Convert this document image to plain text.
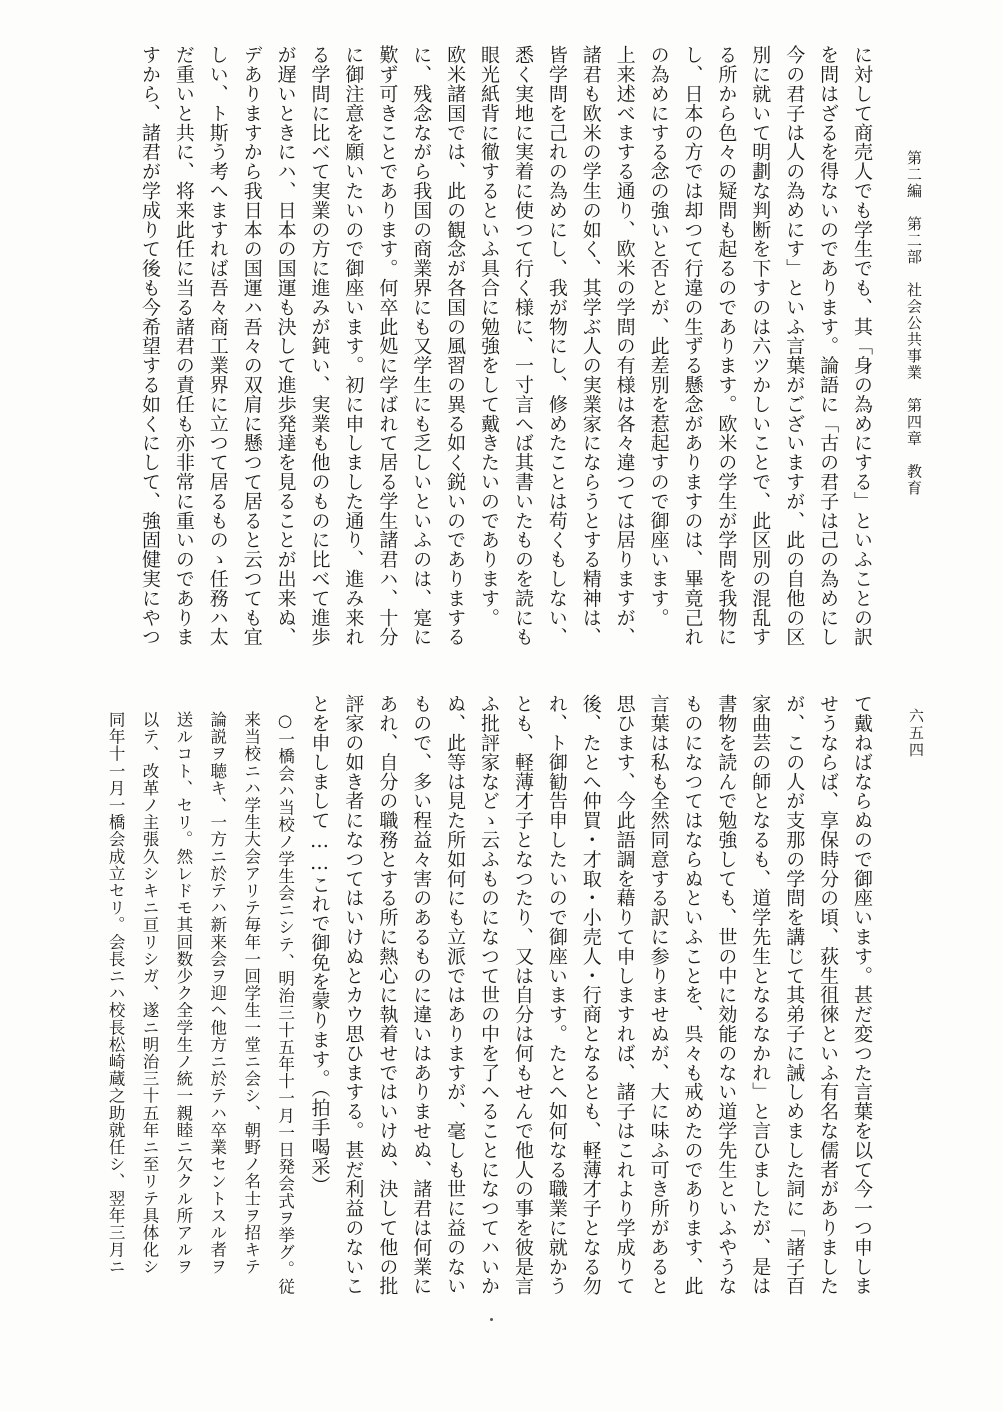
第二編　第二部　社会公共事業　第四章　教育
六五四
に対して商売人でも学生でも、其「身の為めにする」といふことの訳
を問はざるを得ないのであります。論語に「古の君子は己の為めにし
今の君子は人の為めにす」といふ言葉がございますが、此の自他の区
別に就いて明劃な判断を下すのは六ツかしいことで、此区別の混乱す
る所から色々の疑問も起るのであります。欧米の学生が学問を我物に
し、日本の方では却つて行違の生ずる懸念がありますのは、畢竟己れ
の為めにする念の強いと否とが、此差別を惹起すので御座います。
上来述べまする通り、欧米の学問の有様は各々違つては居りますが、
諸君も欧米の学生の如く、其学ぶ人の実業家にならうとする精神は、
皆学問を己れの為めにし、我が物にし、修めたことは苟くもしない、
悉く実地に実着に使つて行く様に、一寸言へば其書いたものを読にも
眼光紙背に徹するといふ具合に勉強をして戴きたいのであります。
欧米諸国では、此の観念が各国の風習の異る如く鋭いのでありまする
に、残念ながら我国の商業界にも又学生にも乏しいといふのは、寔に
歎ず可きことであります。何卒此処に学ばれて居る学生諸君ハ、十分
に御注意を願いたいので御座います。初に申しました通り、進み来れ
る学問に比べて実業の方に進みが鈍い、実業も他のものに比べて進歩
が遅いときにハ、日本の国運も決して進歩発達を見ることが出来ぬ、
デありますから我日本の国運ハ吾々の双肩に懸つて居ると云つても宜
しい、ト斯う考へますれば吾々商工業界に立つて居るものゝ任務ハ太
だ重いと共に、将来此任に当る諸君の責任も亦非常に重いのでありま
すから、諸君が学成りて後も今希望する如くにして、強固健実にやつ
て戴ねばならぬので御座います。甚だ変つた言葉を以て今一つ申しま
せうならば、享保時分の頃、荻生徂徠といふ有名な儒者がありました
が、この人が支那の学問を講じて其弟子に誡しめました詞に「諸子百
家曲芸の師となるも、道学先生となるなかれ」と言ひましたが、是は
書物を読んで勉強しても、世の中に効能のない道学先生といふやうな
ものになつてはならぬといふことを、呉々も戒めたのであります、此
言葉は私も全然同意する訳に参りませぬが、大に味ふ可き所があると
思ひます、今此語調を藉りて申しますれば、諸子はこれより学成りて
後、たとへ仲買・才取・小売人・行商となるとも、軽薄才子となる勿
れ、ト御勧告申したいので御座います。たとへ如何なる職業に就かう
とも、軽薄才子となつたり、又は自分は何もせんで他人の事を彼是言
ふ批評家などゝ云ふものになつて世の中を了へることになつてハいか
ぬ、此等は見た所如何にも立派ではありますが、毫しも世に益のない
もので、多い程益々害のあるものに違いはありませぬ、諸君は何業に
あれ、自分の職務とする所に熱心に執着せではいけぬ、決して他の批
評家の如き者になつてはいけぬとカウ思ひまする。甚だ利益のないこ
とを申しまして……これで御免を蒙ります。（拍手喝采）
○一橋会ハ当校ノ学生会ニシテ、明治三十五年十一月一日発会式ヲ挙グ。従
来当校ニハ学生大会アリテ毎年一回学生一堂ニ会シ、朝野ノ名士ヲ招キテ
論説ヲ聴キ、一方ニ於テハ新来会ヲ迎ヘ他方ニ於テハ卒業セントスル者ヲ
送ルコト、セリ。然レドモ其回数少ク全学生ノ統一親睦ニ欠クル所アルヲ
以テ、改革ノ主張久シキニ亘リシガ、遂ニ明治三十五年ニ至リテ具体化シ
同年十一月一橋会成立セリ。会長ニハ校長松崎蔵之助就任シ、翌年三月ニ
